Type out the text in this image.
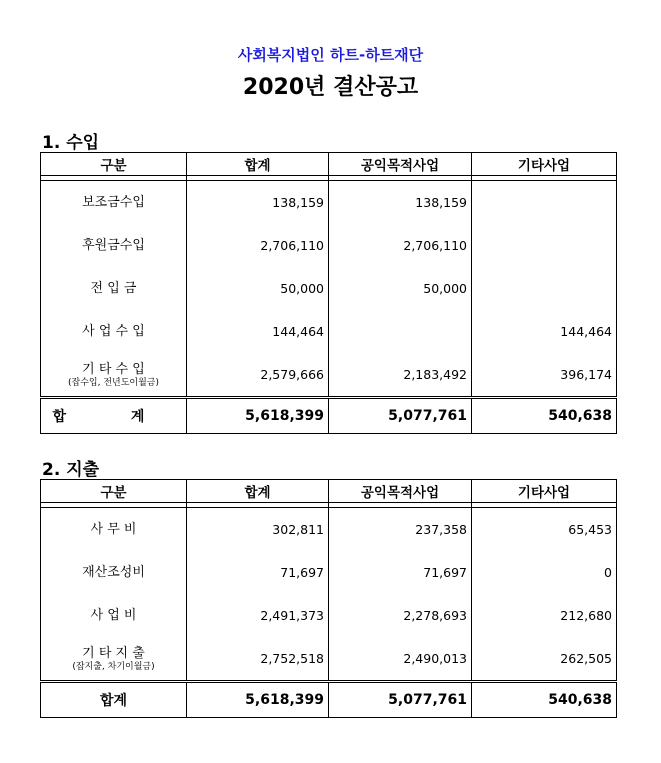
사회복지법인 하트-하트재단
2020년 결산공고
1. 수입
구분	합계	공익목적사업	기타사업

보조금수입	138,159	138,159	

후원금수입	2,706,110	2,706,110	

전 입 금	50,000	50,000	

사 업 수 입	144,464		144,464

기 타 수 입
(잡수입, 전년도이월금)	2,579,666	2,183,492	396,174
합 계	5,618,399	5,077,761	540,638
2. 지출
구분	합계	공익목적사업	기타사업

사 무 비	302,811	237,358	65,453

재산조성비	71,697	71,697	0

사 업 비	2,491,373	2,278,693	212,680

기 타 지 출
(잡지출, 차기이월금)	2,752,518	2,490,013	262,505
합계	5,618,399	5,077,761	540,638
